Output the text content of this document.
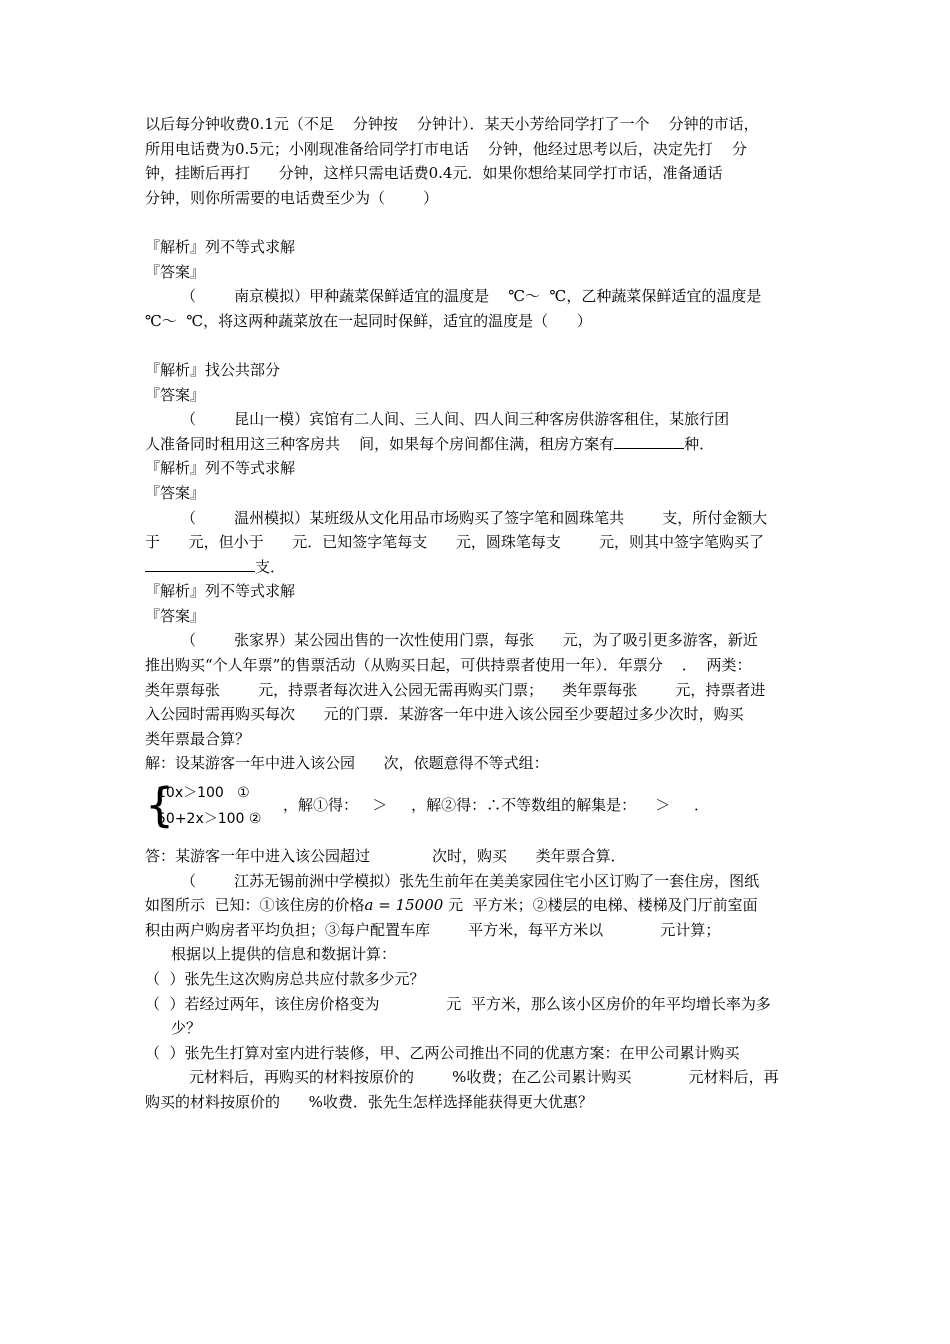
以后每分钟收费0.1元（不足    分钟按    分钟计）．某天小芳给同学打了一个    分钟的市话，
所用电话费为0.5元；小刚现准备给同学打市电话    分钟，他经过思考以后，决定先打    分
钟，挂断后再打      分钟，这样只需电话费0.4元．如果你想给某同学打市话，准备通话
分钟，则你所需要的电话费至少为（        ）

『解析』列不等式求解
『答案』
（        南京模拟）甲种蔬菜保鲜适宜的温度是    ℃～  ℃，乙种蔬菜保鲜适宜的温度是
℃～  ℃，将这两种蔬菜放在一起同时保鲜，适宜的温度是（      ）

『解析』找公共部分
『答案』
（        昆山一模）宾馆有二人间、三人间、四人间三种客房供游客租住，某旅行团
人准备同时租用这三种客房共    间，如果每个房间都住满，租房方案有	种．
『解析』列不等式求解
『答案』
（        温州模拟）某班级从文化用品市场购买了签字笔和圆珠笔共        支，所付金额大
于      元，但小于      元．已知签字笔每支      元，圆珠笔每支        元，则其中签字笔购买了
支．
『解析』列不等式求解
『答案』
（        张家界）某公园出售的一次性使用门票，每张      元，为了吸引更多游客，新近
推出购买“个人年票”的售票活动（从购买日起，可供持票者使用一年）．年票分    ．  两类：
类年票每张        元，持票者每次进入公园无需再购买门票；    类年票每张        元，持票者进
入公园时需再购买每次      元的门票．某游客一年中进入该公园至少要超过多少次时，购买
类年票最合算？
解：设某游客一年中进入该公园      次，依题意得不等式组：
{
10x＞100   ①
50+2x＞100 ②
，解①得：   ＞     ，解②得：∴不等数组的解集是：    ＞     ．
答：某游客一年中进入该公园超过             次时，购买      类年票合算．
（        江苏无锡前洲中学模拟）张先生前年在美美家园住宅小区订购了一套住房，图纸
如图所示  已知：①该住房的价格a = 15000 元  平方米；②楼层的电梯、楼梯及门厅前室面
积由两户购房者平均负担；③每户配置车库        平方米，每平方米以            元计算；
根据以上提供的信息和数据计算：
（  ）张先生这次购房总共应付款多少元？
（  ）若经过两年，该住房价格变为              元  平方米，那么该小区房价的年平均增长率为多
少？
（  ）张先生打算对室内进行装修，甲、乙两公司推出不同的优惠方案：在甲公司累计购买
元材料后，再购买的材料按原价的        %收费；在乙公司累计购买            元材料后，再
购买的材料按原价的      %收费．张先生怎样选择能获得更大优惠？
